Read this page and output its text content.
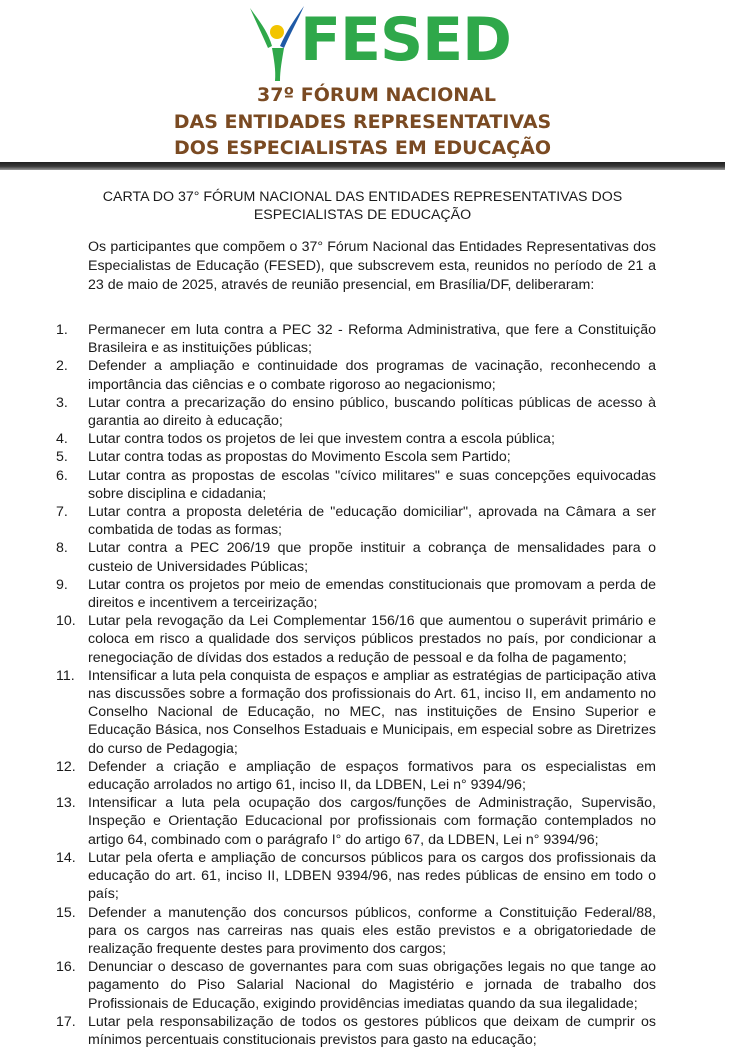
FESED
37º FÓRUM NACIONAL
DAS ENTIDADES REPRESENTATIVAS
DOS ESPECIALISTAS EM EDUCAÇÃO
CARTA DO 37° FÓRUM NACIONAL DAS ENTIDADES REPRESENTATIVAS DOS
ESPECIALISTAS DE EDUCAÇÃO

Os participantes que compõem o 37° Fórum Nacional das Entidades Representativas dos Especialistas de Educação (FESED), que subscrevem esta, reunidos no período de 21 a 23 de maio de 2025, através de reunião presencial, em Brasília/DF, deliberaram:

1.	Permanecer em luta contra a PEC 32 - Reforma Administrativa, que fere a Constituição Brasileira e as instituições públicas;
2.	Defender a ampliação e continuidade dos programas de vacinação, reconhecendo a importância das ciências e o combate rigoroso ao negacionismo;
3.	Lutar contra a precarização do ensino público, buscando políticas públicas de acesso à garantia ao direito à educação;
4.	Lutar contra todos os projetos de lei que investem contra a escola pública;
5.	Lutar contra todas as propostas do Movimento Escola sem Partido;
6.	Lutar contra as propostas de escolas "cívico militares" e suas concepções equivocadas sobre disciplina e cidadania;
7.	Lutar contra a proposta deletéria de "educação domiciliar", aprovada na Câmara a ser combatida de todas as formas;
8.	Lutar contra a PEC 206/19 que propõe instituir a cobrança de mensalidades para o custeio de Universidades Públicas;
9.	Lutar contra os projetos por meio de emendas constitucionais que promovam a perda de direitos e incentivem a terceirização;
10. Lutar pela revogação da Lei Complementar 156/16 que aumentou o superávit primário e coloca em risco a qualidade dos serviços públicos prestados no país, por condicionar a renegociação de dívidas dos estados a redução de pessoal e da folha de pagamento;
11. Intensificar a luta pela conquista de espaços e ampliar as estratégias de participação ativa nas discussões sobre a formação dos profissionais do Art. 61, inciso II, em andamento no Conselho Nacional de Educação, no MEC, nas instituições de Ensino Superior e Educação Básica, nos Conselhos Estaduais e Municipais, em especial sobre as Diretrizes do curso de Pedagogia;
12. Defender a criação e ampliação de espaços formativos para os especialistas em educação arrolados no artigo 61, inciso II, da LDBEN, Lei n° 9394/96;
13. Intensificar a luta pela ocupação dos cargos/funções de Administração, Supervisão, Inspeção e Orientação Educacional por profissionais com formação contemplados no artigo 64, combinado com o parágrafo I° do artigo 67, da LDBEN, Lei n° 9394/96;
14. Lutar pela oferta e ampliação de concursos públicos para os cargos dos profissionais da educação do art. 61, inciso II, LDBEN 9394/96, nas redes públicas de ensino em todo o país;
15. Defender a manutenção dos concursos públicos, conforme a Constituição Federal/88, para os cargos nas carreiras nas quais eles estão previstos e a obrigatoriedade de realização frequente destes para provimento dos cargos;
16. Denunciar o descaso de governantes para com suas obrigações legais no que tange ao pagamento do Piso Salarial Nacional do Magistério e jornada de trabalho dos Profissionais de Educação, exigindo providências imediatas quando da sua ilegalidade;
17. Lutar pela responsabilização de todos os gestores públicos que deixam de cumprir os mínimos percentuais constitucionais previstos para gasto na educação;
